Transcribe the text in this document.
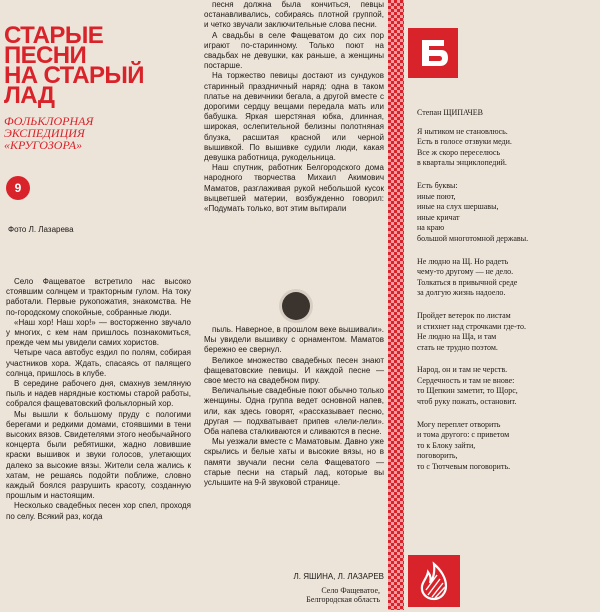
СТАРЫЕ
ПЕСНИ
НА СТАРЫЙ
ЛАД
ФОЛЬКЛОРНАЯ
ЭКСПЕДИЦИЯ
«КРУГОЗОРА»
9
Фото Л. Лазарева

Село Фащеватое встретило нас высоко стоявшим солнцем и тракторным гулом. На току работали. Первые рукопожатия, знакомства. Не по-городскому спокойные, собранные люди.

«Наш хор! Наш хор!» — восторженно звучало у многих, с кем нам пришлось познакомиться, прежде чем мы увидели самих хористов.

Четыре часа автобус ездил по полям, собирая участников хора. Ждать, спасаясь от палящего солнца, пришлось в клубе.

В середине рабочего дня, смахнув земляную пыль и надев нарядные костюмы старой работы, собрался фащеватовский фольклорный хор.

Мы вышли к большому пруду с пологими берегами и редкими домами, стоявшими в тени высоких вязов. Свидетелями этого необычайного концерта были ребятишки, жадно ловившие краски вышивок и звуки голосов, улетающих далеко за высокие вязы. Жители села жались к хатам, не решаясь подойти поближе, словно каждый боялся разрушить красоту, созданную прошлым и настоящим.

Несколько свадебных песен хор спел, проходя по селу. Всякий раз, когда

песня должна была кончиться, певцы останавливались, собираясь плотной группой, и четко звучали заключительные слова песни.

А свадьбы в селе Фащеватом до сих пор играют по-старинному. Только поют на свадьбах не девушки, как раньше, а женщины постарше.

На торжество певицы достают из сундуков старинный праздничный наряд: одна в таком платье на девичники бегала, а другой вместе с дорогими сердцу вещами передала мать или бабушка. Яркая шерстяная юбка, длинная, широкая, ослепительной белизны полотняная блузка, расшитая красной или черной вышивкой. По вышивке судили люди, какая девушка работница, рукодельница.

Наш спутник, работник Белгородского дома народного творчества Михаил Акимович Маматов, разглаживая рукой небольшой кусок выцветшей материи, возбужденно говорил: «Подумать только, вот этим вытирали

пыль. Наверное, в прошлом веке вышивали». Мы увидели вышивку с орнаментом. Маматов бережно ее свернул.

Великое множество свадебных песен знают фащеватовские певицы. И каждой песне — свое место на свадебном пиру.

Величальные свадебные поют обычно только женщины. Одна группа ведет основной напев, или, как здесь говорят, «рассказывает песню, другая — подхватывает припев «лели-лели». Оба напева сталкиваются и сливаются в песне.

Мы уезжали вместе с Маматовым. Давно уже скрылись и белые хаты и высокие вязы, но в памяти звучали песни села Фащеватого — старые песни на старый лад, которые вы услышите на 9-й звуковой странице.

Л. ЯШИНА, Л. ЛАЗАРЕВ
Село Фащеватое,
Белгородская область
Степан ЩИПАЧЕВ
Я нытиком не становлюсь.
Есть в голосе отзвуки меди.
Все ж скоро переселюсь
в кварталы энциклопедий.
Есть буквы:
иные поют,
иные на слух шершавы,
иные кричат
на краю
большой многотомной державы.
Не людно на Щ. Но радеть
чему-то другому — не дело.
Толкаться в привычной среде
за долгую жизнь надоело.
Пройдет ветерок по листам
и стихнет над строчками где-то.
Не людно на Ща, и там
стать не трудно поэтом.
Народ, он и там не черств.
Сердечность и там не внове:
то Щепкин заметит, то Щорс,
чтоб руку пожать, остановит.
Могу переплет отворить
и тома другого: с приветом
то к Блоку зайти,
поговорить,
то с Тютчевым поговорить.
